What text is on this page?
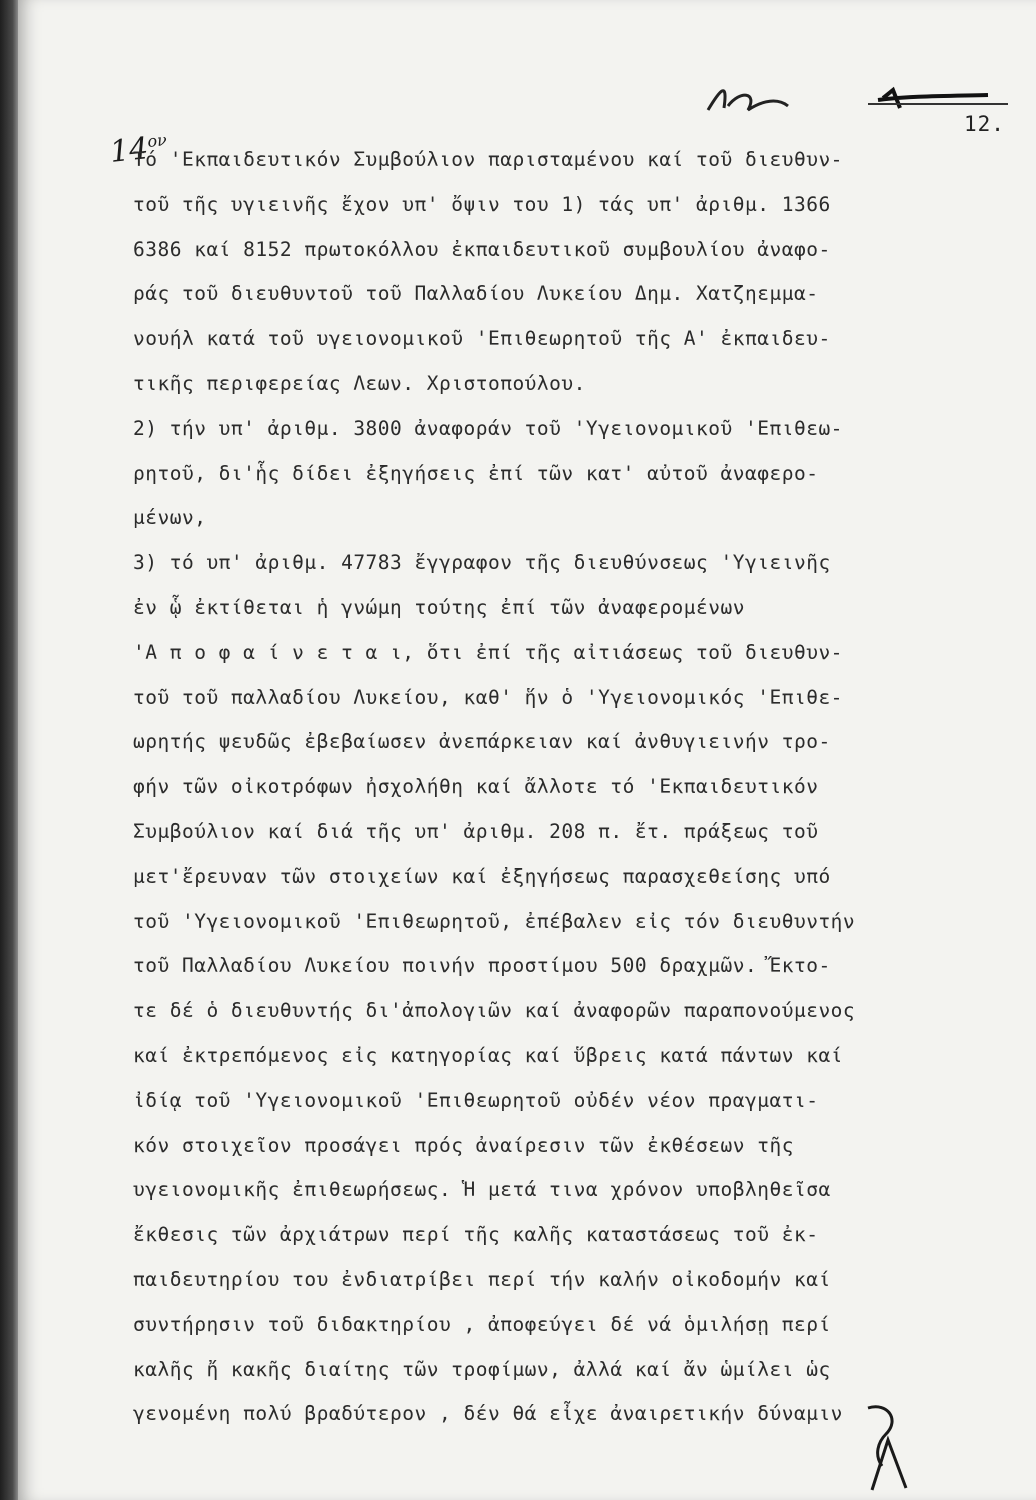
12.
$14^{o\nu}$
Τό 'Εκπαιδευτικόν Συμβούλιον παρισταμένου καί τοῦ διευθυν-
τοῦ τῆς υγιεινῆς ἔχον υπ' ὄψιν του 1) τάς υπ' ἀριθμ. 1366
6386 καί 8152 πρωτοκόλλου ἐκπαιδευτικοῦ συμβουλίου ἀναφο-
ράς τοῦ διευθυντοῦ τοῦ Παλλαδίου Λυκείου Δημ. Χατζηεμμα-
νουήλ κατά τοῦ υγειονομικοῦ 'Επιθεωρητοῦ τῆς Α' ἐκπαιδευ-
τικῆς περιφερείας Λεων. Χριστοπούλου.
2) τήν υπ' ἀριθμ. 3800 ἀναφοράν τοῦ 'Υγειονομικοῦ 'Επιθεω-
ρητοῦ, δι'ἧς δίδει ἐξηγήσεις ἐπί τῶν κατ' αὐτοῦ ἀναφερο-
μένων,
3) τό υπ' ἀριθμ. 47783 ἔγγραφον τῆς διευθύνσεως 'Υγιεινῆς
ἐν ᾧ ἐκτίθεται ἡ γνώμη τούτης ἐπί τῶν ἀναφερομένων
'Α π ο φ α ί ν ε τ α ι, ὅτι ἐπί τῆς αἰτιάσεως τοῦ διευθυν-
τοῦ τοῦ παλλαδίου Λυκείου, καθ' ἥν ὁ 'Υγειονομικός 'Επιθε-
ωρητής ψευδῶς ἐβεβαίωσεν ἀνεπάρκειαν καί ἀνθυγιεινήν τρο-
φήν τῶν οἰκοτρόφων ἠσχολήθη καί ἄλλοτε τό 'Εκπαιδευτικόν
Συμβούλιον καί διά τῆς υπ' ἀριθμ. 208 π. ἔτ. πράξεως τοῦ
μετ'ἔρευναν τῶν στοιχείων καί ἐξηγήσεως παρασχεθείσης υπό
τοῦ 'Υγειονομικοῦ 'Επιθεωρητοῦ, ἐπέβαλεν εἰς τόν διευθυντήν
τοῦ Παλλαδίου Λυκείου ποινήν προστίμου 500 δραχμῶν. Ἔκτο-
τε δέ ὁ διευθυντής δι'ἀπολογιῶν καί ἀναφορῶν παραπονούμενος
καί ἐκτρεπόμενος εἰς κατηγορίας καί ὕβρεις κατά πάντων καί
ἰδίᾳ τοῦ 'Υγειονομικοῦ 'Επιθεωρητοῦ οὐδέν νέον πραγματι-
κόν στοιχεῖον προσάγει πρός ἀναίρεσιν τῶν ἐκθέσεων τῆς
υγειονομικῆς ἐπιθεωρήσεως. Ἡ μετά τινα χρόνον υποβληθεῖσα
ἔκθεσις τῶν ἀρχιάτρων περί τῆς καλῆς καταστάσεως τοῦ ἐκ-
παιδευτηρίου του ἐνδιατρίβει περί τήν καλήν οἰκοδομήν καί
συντήρησιν τοῦ διδακτηρίου , ἀποφεύγει δέ νά ὁμιλήσῃ περί
καλῆς ἤ κακῆς διαίτης τῶν τροφίμων, ἀλλά καί ἄν ὡμίλει ὡς
γενομένη πολύ βραδύτερον , δέν θά εἶχε ἀναιρετικήν δύναμιν
